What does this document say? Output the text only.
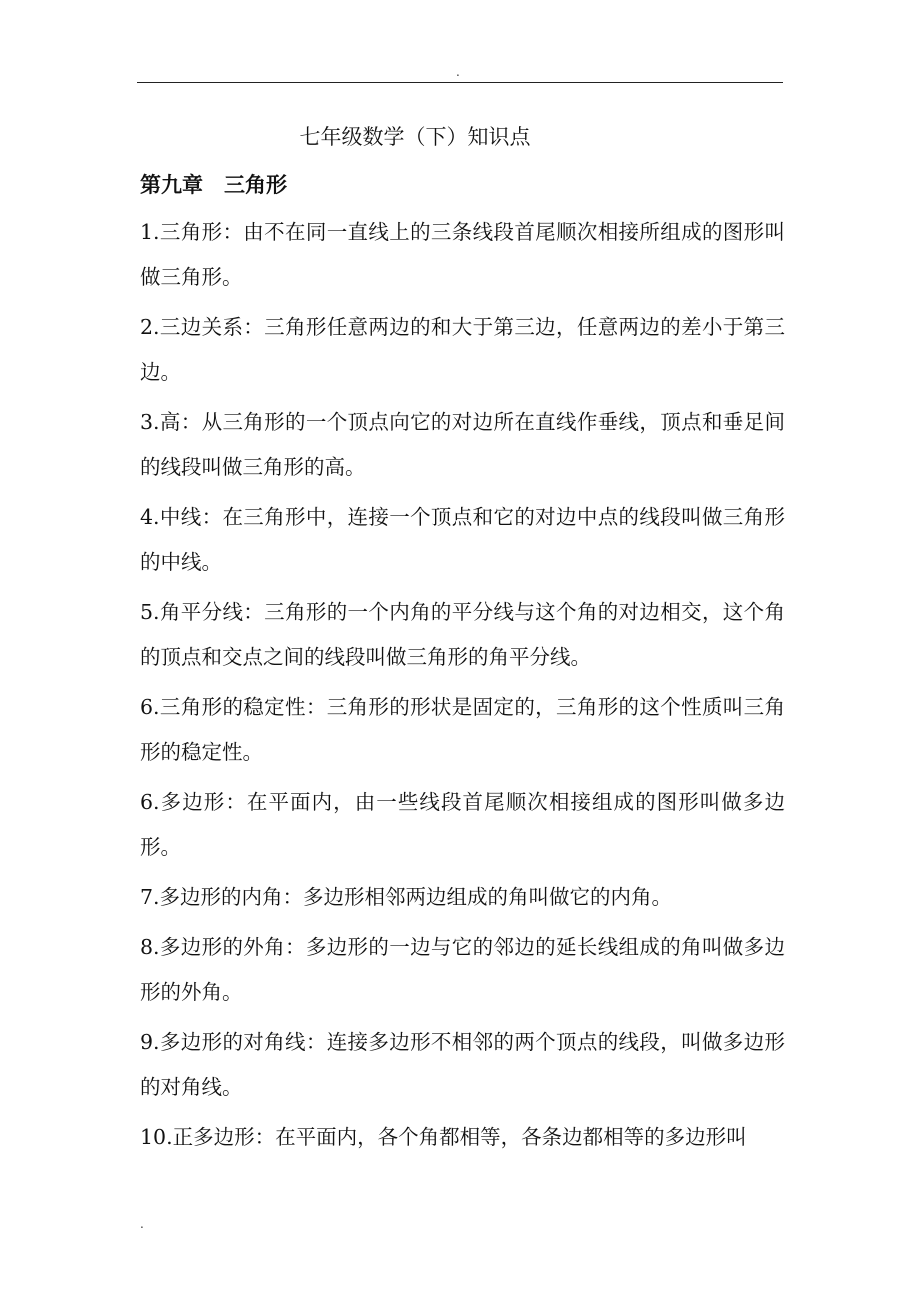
.
七年级数学（下）知识点
第九章　三角形

1.三角形：由不在同一直线上的三条线段首尾顺次相接所组成的图形叫做三角形。

2.三边关系：三角形任意两边的和大于第三边，任意两边的差小于第三边。

3.高：从三角形的一个顶点向它的对边所在直线作垂线，顶点和垂足间的线段叫做三角形的高。

4.中线：在三角形中，连接一个顶点和它的对边中点的线段叫做三角形的中线。

5.角平分线：三角形的一个内角的平分线与这个角的对边相交，这个角的顶点和交点之间的线段叫做三角形的角平分线。

6.三角形的稳定性：三角形的形状是固定的，三角形的这个性质叫三角形的稳定性。

6.多边形：在平面内，由一些线段首尾顺次相接组成的图形叫做多边形。

7.多边形的内角：多边形相邻两边组成的角叫做它的内角。

8.多边形的外角：多边形的一边与它的邻边的延长线组成的角叫做多边形的外角。

9.多边形的对角线：连接多边形不相邻的两个顶点的线段，叫做多边形的对角线。

10.正多边形：在平面内，各个角都相等，各条边都相等的多边形叫

.
